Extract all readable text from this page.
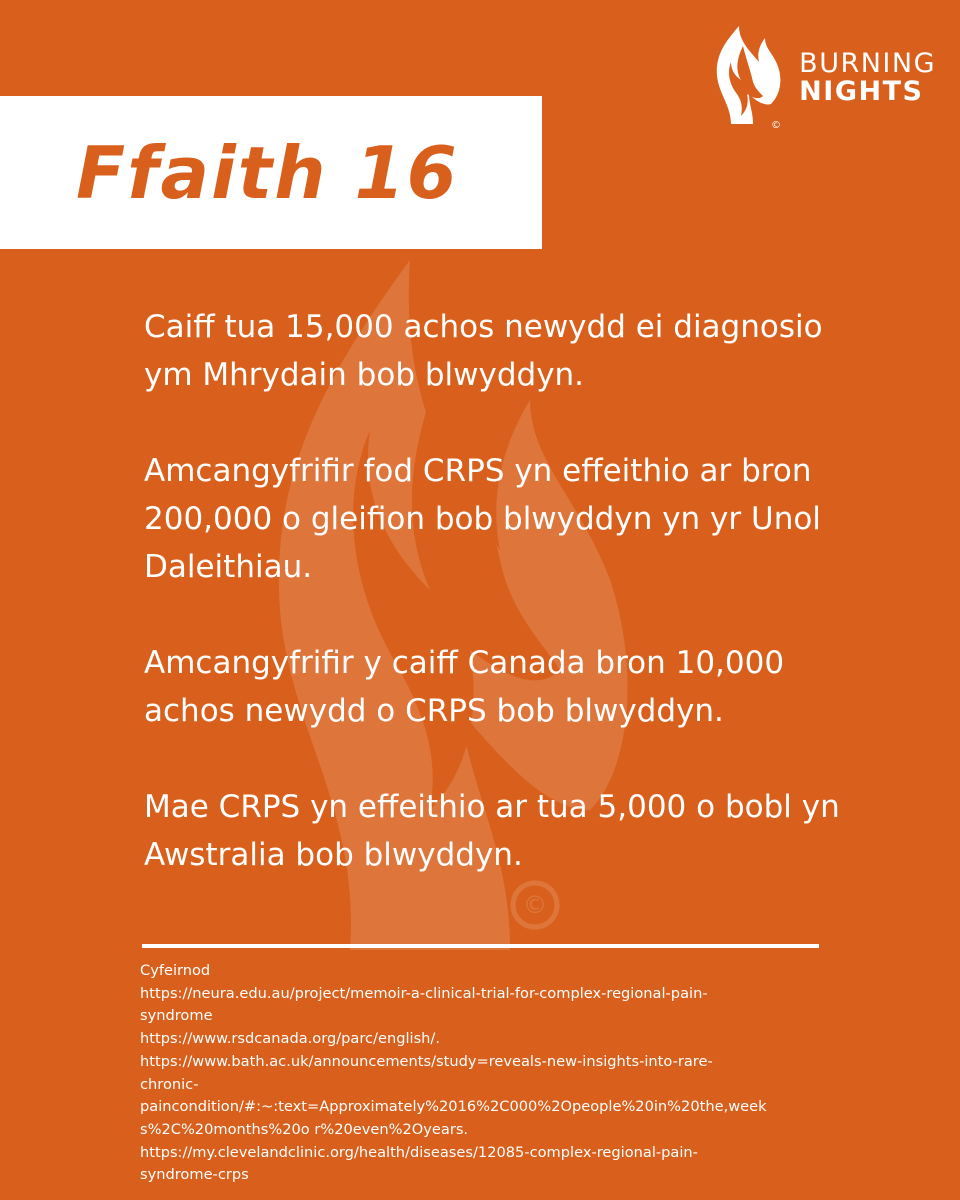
©
©
BURNING
NIGHTS
Ffaith 16

Caiff tua 15,000 achos newydd ei diagnosio ym Mhrydain bob blwyddyn.

Amcangyfrifir fod CRPS yn effeithio ar bron 200,000 o gleifion bob blwyddyn yn yr Unol Daleithiau.

Amcangyfrifir y caiff Canada bron 10,000 achos newydd o CRPS bob blwyddyn.

Mae CRPS yn effeithio ar tua 5,000 o bobl yn Awstralia bob blwyddyn.

Cyfeirnod
https://neura.edu.au/project/memoir-a-clinical-trial-for-complex-regional-pain-
syndrome
https://www.rsdcanada.org/parc/english/.
https://www.bath.ac.uk/announcements/study=reveals-new-insights-into-rare-
chronic-
paincondition/#:~:text=Approximately%2016%2C000%2Opeople%20in%20the,week
s%2C%20months%20o r%20even%2Oyears.
https://my.clevelandclinic.org/health/diseases/12085-complex-regional-pain-
syndrome-crps
